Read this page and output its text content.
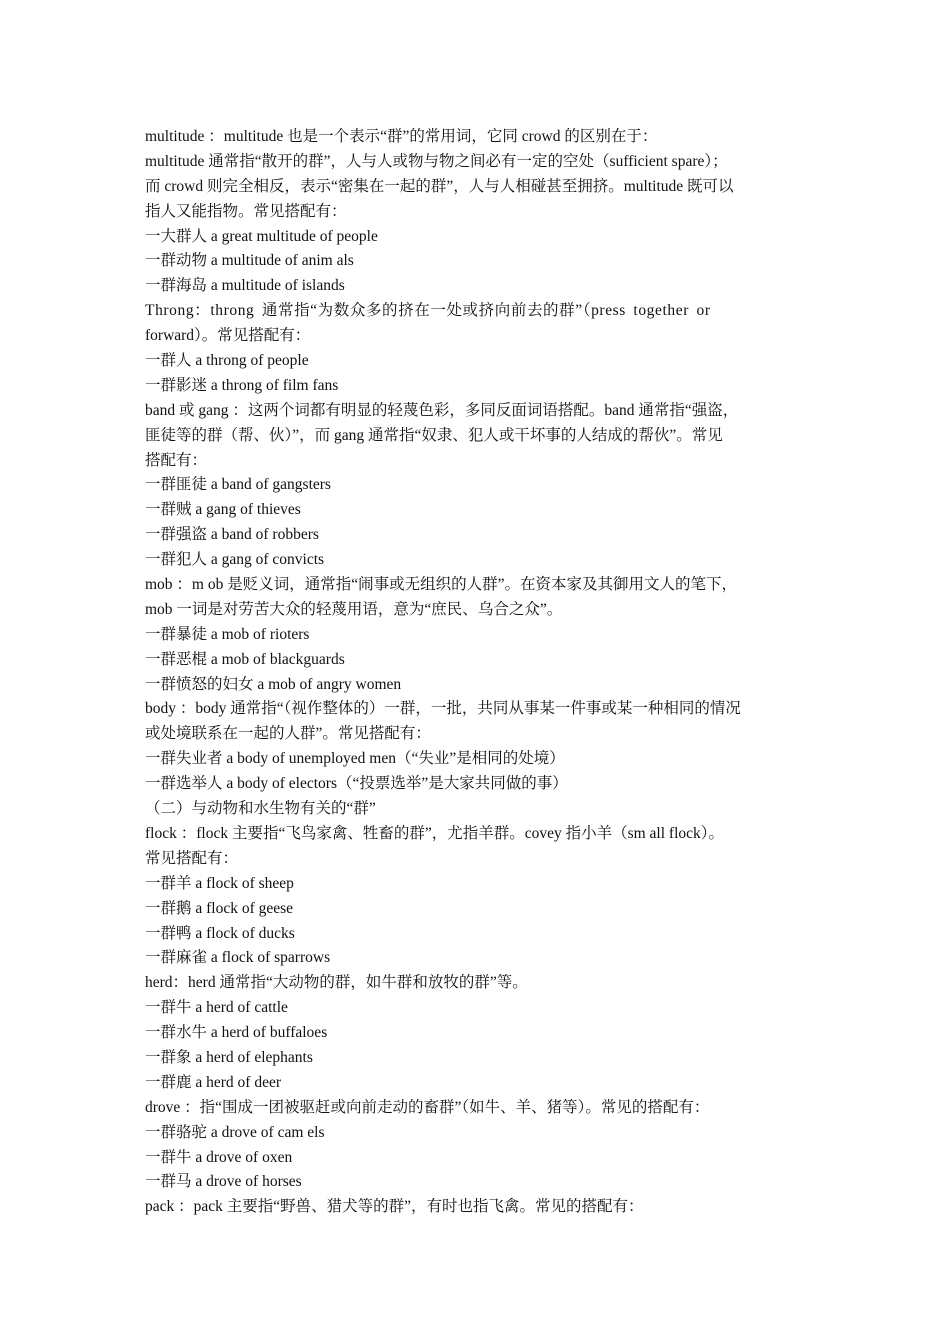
multitude ：multitude 也是一个表示“群”的常用词，它同 crowd 的区别在于：
multitude 通常指“散开的群”，人与人或物与物之间必有一定的空处（sufficient spare）；
而 crowd 则完全相反，表示“密集在一起的群”，人与人相碰甚至拥挤。multitude 既可以
指人又能指物。常见搭配有：
一大群人 a great multitude of people
一群动物 a multitude of anim als
一群海岛 a multitude of islands
Throng：throng 通常指“为数众多的挤在一处或挤向前去的群”（press together or
forward）。常见搭配有：
一群人 a throng of people
一群影迷 a throng of film fans
band 或 gang ：这两个词都有明显的轻蔑色彩，多同反面词语搭配。band 通常指“强盗，
匪徒等的群（帮、伙）”，而 gang 通常指“奴隶、犯人或干坏事的人结成的帮伙”。常见
搭配有：
一群匪徒 a band of gangsters
一群贼 a gang of thieves
一群强盗 a band of robbers
一群犯人 a gang of convicts
mob ：m ob 是贬义词，通常指“闹事或无组织的人群”。在资本家及其御用文人的笔下，
mob 一词是对劳苦大众的轻蔑用语，意为“庶民、乌合之众”。
一群暴徒 a mob of rioters
一群恶棍 a mob of blackguards
一群愤怒的妇女 a mob of angry women
body ：body 通常指“（视作整体的）一群，一批，共同从事某一件事或某一种相同的情况
或处境联系在一起的人群”。常见搭配有：
一群失业者 a body of unemployed men（“失业”是相同的处境）
一群选举人 a body of electors（“投票选举”是大家共同做的事）
（二）与动物和水生物有关的“群”
flock ：flock 主要指“飞鸟家禽、牲畜的群”，尤指羊群。covey 指小羊（sm all flock）。
常见搭配有：
一群羊 a flock of sheep
一群鹅 a flock of geese
一群鸭 a flock of ducks
一群麻雀 a flock of sparrows
herd：herd 通常指“大动物的群，如牛群和放牧的群”等。
一群牛 a herd of cattle
一群水牛 a herd of buffaloes
一群象 a herd of elephants
一群鹿 a herd of deer
drove ：指“围成一团被驱赶或向前走动的畜群”（如牛、羊、猪等）。常见的搭配有：
一群骆驼 a drove of cam els
一群牛 a drove of oxen
一群马 a drove of horses
pack ：pack 主要指“野兽、猎犬等的群”，有时也指飞禽。常见的搭配有：
